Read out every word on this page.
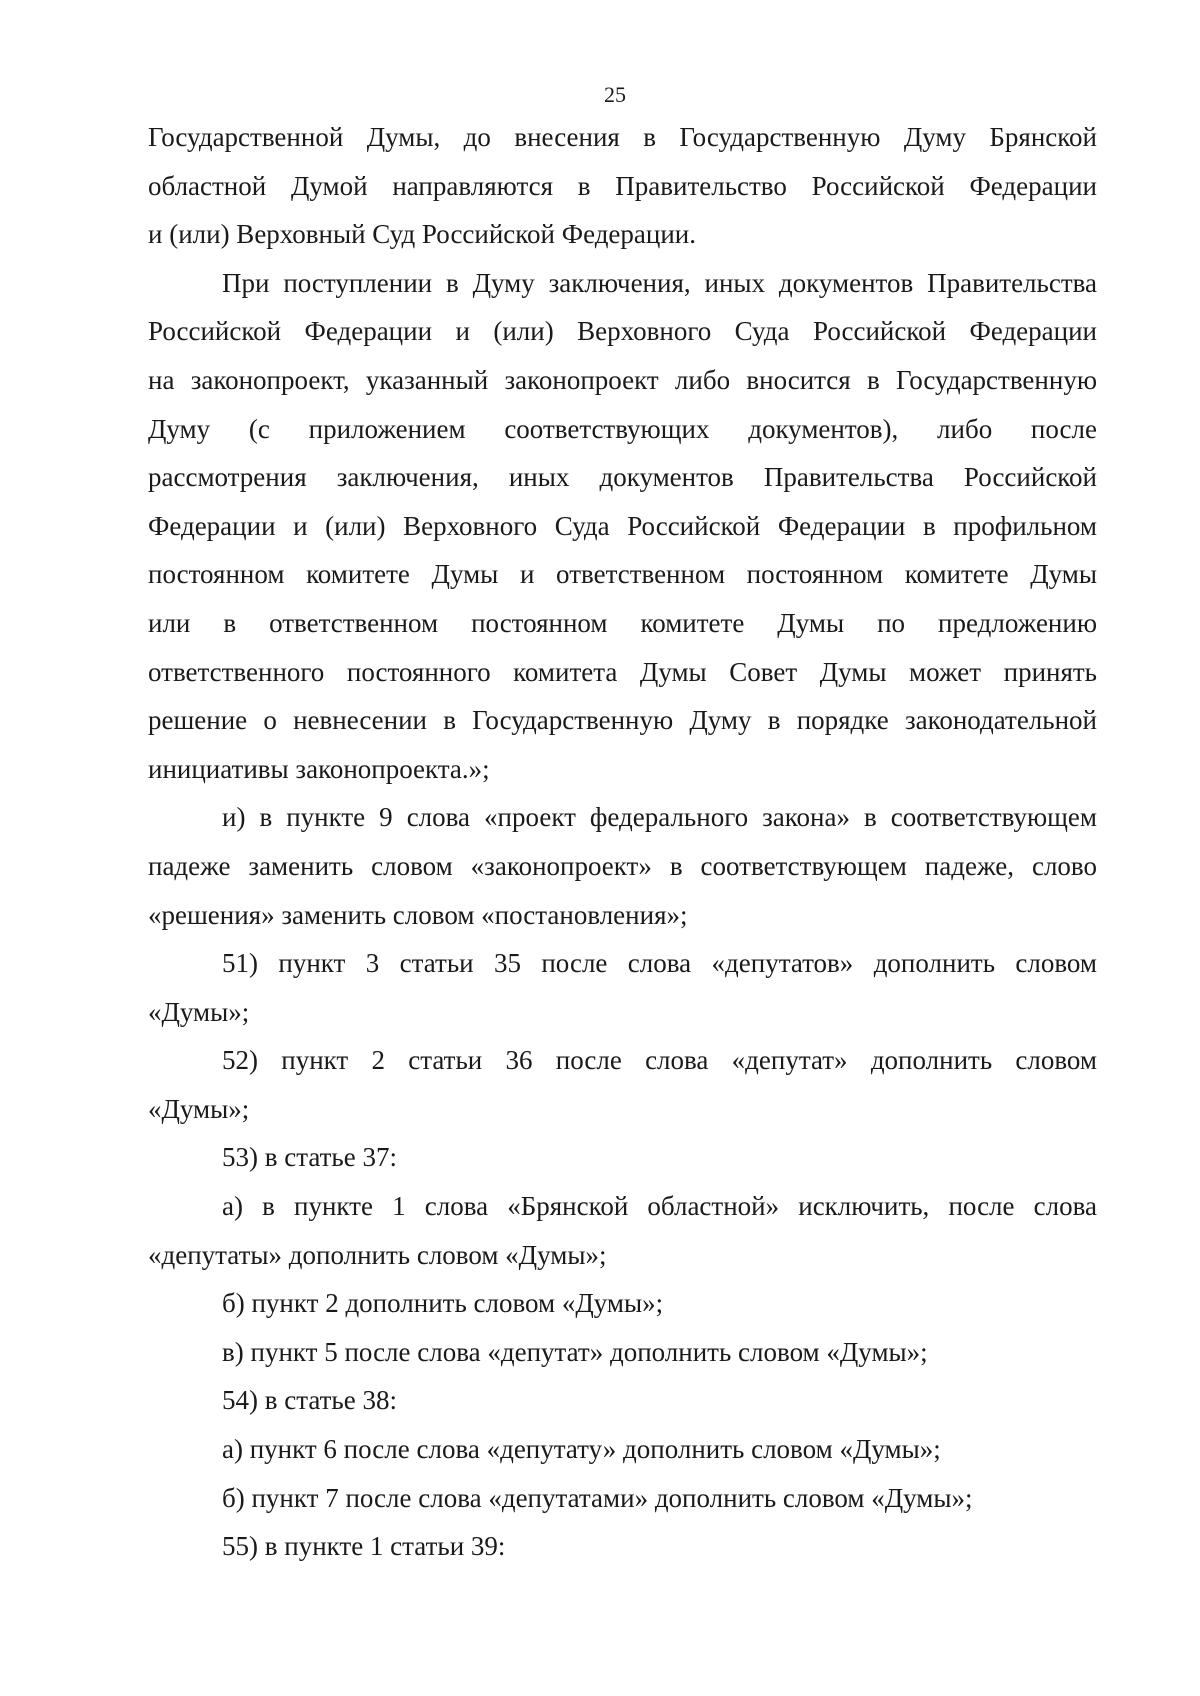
25
Государственной Думы, до внесения в Государственную Думу Брянской
областной Думой направляются в Правительство Российской Федерации
и (или) Верховный Суд Российской Федерации.
При поступлении в Думу заключения, иных документов Правительства
Российской Федерации и (или) Верховного Суда Российской Федерации
на законопроект, указанный законопроект либо вносится в Государственную
Думу (с приложением соответствующих документов), либо после
рассмотрения заключения, иных документов Правительства Российской
Федерации и (или) Верховного Суда Российской Федерации в профильном
постоянном комитете Думы и ответственном постоянном комитете Думы
или в ответственном постоянном комитете Думы по предложению
ответственного постоянного комитета Думы Совет Думы может принять
решение о невнесении в Государственную Думу в порядке законодательной
инициативы законопроекта.»;
и) в пункте 9 слова «проект федерального закона» в соответствующем
падеже заменить словом «законопроект» в соответствующем падеже, слово
«решения» заменить словом «постановления»;
51) пункт 3 статьи 35 после слова «депутатов» дополнить словом
«Думы»;
52) пункт 2 статьи 36 после слова «депутат» дополнить словом
«Думы»;
53) в статье 37:
а) в пункте 1 слова «Брянской областной» исключить, после слова
«депутаты» дополнить словом «Думы»;
б) пункт 2 дополнить словом «Думы»;
в) пункт 5 после слова «депутат» дополнить словом «Думы»;
54) в статье 38:
а) пункт 6 после слова «депутату» дополнить словом «Думы»;
б) пункт 7 после слова «депутатами» дополнить словом «Думы»;
55) в пункте 1 статьи 39:
